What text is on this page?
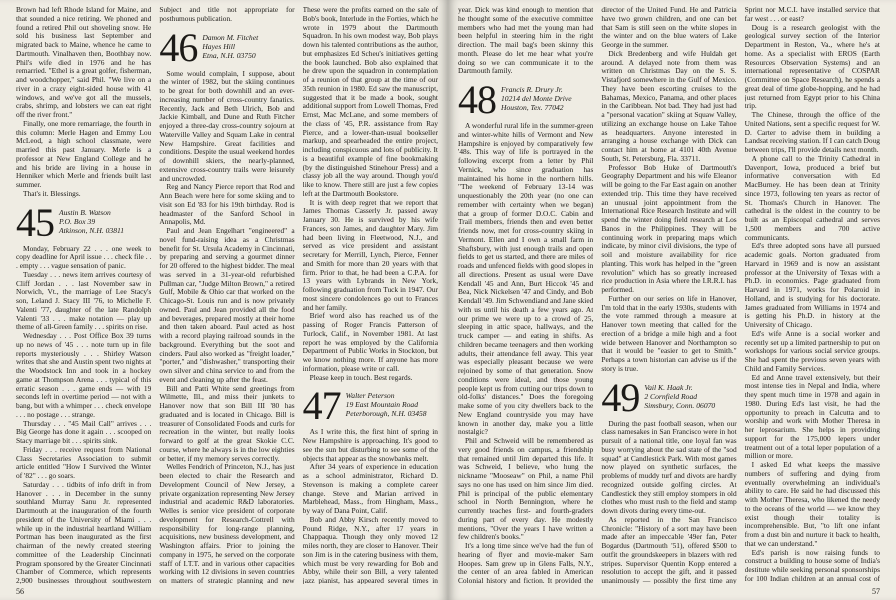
Brown had left Rhode Island for Maine, and that sounded a nice retiring. We phoned and found a retired Phil out shoveling snow. He sold his business last September and migrated back to Maine, whence he came to Dartmouth. Vinalhaven then, Boothbay now. Phil's wife died in 1976 and he has remarried. "Ethel is a great golfer, fisherman, and woodchopper," said Phil. "We live on a river in a crazy eight-sided house with 41 windows, and we've got all the mussels, crabs, shrimp, and lobsters we can eat right off the river front."

Finally, one more remarriage, the fourth in this column: Merle Hagen and Emmy Lou McLeod, a high school classmate, were married this past January. Merle is a professor at New England College and he and his bride are living in a house in Henniker which Merle and friends built last summer.

That's it. Blessings.

45 Austin B. Watson
P.O. Box 39
Atkinson, N.H. 03811

Monday, February 22 . . . one week to copy deadline for April issue . . . check file . . . empty . . . vague sensation of panic.

Tuesday . . . news item arrives courtesy of Cliff Jordan . . . last November saw in Norwich, Vt., the marriage of Lee Stacy's son, Leland J. Stacy III '76, to Michelle F. Valenti '77, daughter of the late Randolph Valenti '33 . . . make notation — play up theme of all-Green family . . . spirits on rise.

Wednesday . . . Post Office Box 39 turns up no news of '45 . . . note turn up in file reports mysteriously . . . Shirley Watson writes that she and Austin spent two nights at the Woodstock Inn and took in a hockey game at Thompson Arena . . . typical of this erratic season . . . game ends — with 19 seconds left in overtime period — not with a bang, but with a whimper . . . check envelope . . . no postage . . . strange.

Thursday . . . "45 Mail Call" arrives . . . Big George has done it again . . . scooped on Stacy marriage bit . . . spirits sink.

Friday . . . receive request from National Class Secretaries Association to submit article entitled "How I Survived the Winter of '82" . . . go soars.

Saturday . . . tidbits of info drift in from Hanover . . . in December in the sunny southland Murray Sanu Jr. represented Dartmouth at the inauguration of the fourth president of the University of Miami . . . while up in the industrial heartland William Portman has been inaugurated as the first chairman of the newly created steering committee of the Leadership Cincinnati Program sponsored by the Greater Cincinnati Chamber of Commerce, which represents 2,900 businesses throughout southwestern

Subject and title not appropriate for posthumous publication.

46 Damon M. Fitchet
Hayes Hill
Etna, N.H. 03750

Some would complain, I suppose, about the winter of 1982, but the skiing continues to be great for both downhill and an ever-increasing number of cross-country fanatics. Recently, Jack and Beth Ulrich, Bob and Jackie Kimball, and Dune and Ruth Fitcher enjoyed a three-day cross-country sojourn at Waterville Valley and Squam Lake in central New Hampshire. Great facilities and conditions. Despite the usual weekend hordes of downhill skiers, the nearly-planned, extensive cross-country trails were leisurely and uncrowded.

Reg and Nancy Pierce report that Rod and Ann Beach were here for some skiing and to visit son Ed '83 for his 19th birthday. Rod is headmaster of the Sanford School in Annapolis, Md.

Paul and Jean Engelhart "engineered" a novel fund-raising idea as a Christmas benefit for St. Ursula Academy in Cincinnati, by preparing and serving a gourmet dinner for 20 offered to the highest bidder. The meal was served in a 31-year-old refurbished Pullman car, "Judge Milton Brown," a retired Gulf, Mobile & Ohio car that worked on the Chicago-St. Louis run and is now privately owned. Paul and Jean provided all the food and beverages, prepared mostly at their home and then taken aboard. Paul acted as host with a record playing railroad sounds in the background. Everything but the soot and cinders. Paul also worked as "freight loader," "porter," and "dishwasher," transporting their own silver and china service to and from the event and cleaning up after the feast.

Bill and Patti White send greetings from Wilmette, Ill., and miss their junkets to Hanover now that son Bill III '80 has graduated and is located in Chicago. Bill is treasurer of Consolidated Foods and curls for recreation in the winter, but really looks forward to golf at the great Skokie C.C. course, where he always is in the low eighties or better, if my memory serves correctly.

Welles Fendrich of Princeton, N.J., has just been elected to chair the Research and Development Council of New Jersey, a private organization representing New Jersey industrial and academic R&D laboratories. Welles is senior vice president of corporate development for Research-Cottrell with responsibility for long-range planning, acquisitions, new business development, and Washington affairs. Prior to joining the company in 1975, he served on the corporate staff of I.T.T. and in various other capacities working with 12 divisions in seven countries on matters of strategic planning and new

These were the profits earned on the sale of Bob's book, Interlude in the Forties, which he wrote in 1979 about the Dartmouth Squadron. In his own modest way, Bob plays down his talented contributions as the author, but emphasizes Ed Scheu's initiatives getting the book launched. Bob also explained that he drew upon the squadron in contemplation of a reunion of that group at the time of our 35th reunion in 1980. Ed saw the manuscript, suggested that it be made a book, sought additional support from Lowell Thomas, Fred Ernst, Mac McLane, and some members of the class of '45, P.R. assistance from Ray Pierce, and a lower-than-usual bookseller markup, and spearheaded the entire project, including conspicuous and lots of publicity. It is a beautiful example of fine bookmaking (by the distinguished Stinehour Press) and a classy job all the way around. Though you'd like to know. There still are just a few copies left at the Dartmouth Bookstore.

It is with deep regret that we report that James Thomas Casserly Jr. passed away January 30. He is survived by his wife Frances, son James, and daughter Mary. Jim had been living in Fleetwood, N.J., and served as vice president and assistant secretary for Merrill, Lynch, Pierce, Fenner and Smith for more than 20 years with that firm. Prior to that, he had been a C.P.A. for 13 years with Lybrands in New York, following graduation from Tuck in 1947. Our most sincere condolences go out to Frances and her family.

Brief word also has reached us of the passing of Roger Francis Patterson of Turlock, Calif., in November 1981. At last report he was employed by the California Department of Public Works in Stockton, but we know nothing more. If anyone has more information, please write or call.

Please keep in touch. Best regards.

47 Walter Peterson
19 East Mountain Road
Peterborough, N.H. 03458

As I write this, the first hint of spring in New Hampshire is approaching. It's good to see the sun but disturbing to see some of the objects that appear as the snowbanks melt.

After 34 years of experience in education as a school administrator, Richard D. Stevenson is making a complete career change. Steve and Marian arrived in Marblehead, Mass., from Hingham, Mass., by way of Dana Point, Calif.

Bob and Abby Kirsch recently moved to Pound Ridge, N.Y., after 17 years in Chappaqua. Though they only moved 12 miles north, they are closer to Hanover. Their son Jim is in the catering business with them, which must be very rewarding for Bob and Abby, while their son Bill, a very talented jazz pianist, has appeared several times in

56

year. Dick was kind enough to mention that he thought some of the executive committee members who had met the young man had been helpful in steering him in the right direction. The mail bag's been skinny this month. Please do let me hear what you're doing so we can communicate it to the Dartmouth family.

48 Francis R. Drury Jr.
10214 del Monte Drive
Houston, Tex. 77042

A wonderful rural life in the summer-green and winter-white hills of Vermont and New Hampshire is enjoyed by comparatively few '48s. This way of life is portrayed in the following excerpt from a letter by Phil Vernick, who since graduation has maintained his home in the northern hills. "The weekend of February 13-14 was unquestionably the 20th year (no one can remember with certainty when we began) that a group of former D.O.C. Cabin and Trail members, friends then and even better friends now, met for cross-country skiing in Vermont. Ellen and I own a small farm in Shaftsbury, with just enough trails and open fields to get us started, and there are miles of roads and unfenced fields with good slopes in all directions. Present as usual were Dave Kendall '45 and Ann, Burt Hiccok '45 and Bea, Nick Nickelsen '47 and Cindy, and Bob Kendall '49. Jim Schwendiand and Jane skied with us until his death a few years ago. At our prime we were up to a crowd of 25, sleeping in attic space, hallways, and the truck camper — and eating in shifts. As children became teenagers and then working adults, their attendance fell away. This year was especially pleasant because we were rejoined by some of that generation. Snow conditions were ideal, and those young people kept us from cutting our trips down to old-folks' distances." Does the foregoing make some of you city dwellers back to the New England countryside you may have known in another day, make you a little nostalgic?

Phil and Schweid will be remembered as very good friends on campus, a friendship that remained until Jim departed this life. It was Schweid, I believe, who hung the nickname "Mooseaw" on Phil, a name Phil says no one has used on him since Jim died. Phil is principal of the public elementary school in North Bennington, where he currently teaches first- and fourth-graders during part of every day. He modestly mentions, "Over the years I have written a few children's books."

It's a long time since we've had the fun of hearing of flyer and movie-maker Sam Hoopes. Sam grew up in Glens Falls, N.Y., the center of an area fabled in American Colonial history and fiction. It provided the

director of the United Fund. He and Patricia have two grown children, and one can bet that Sam is still seen on the white slopes in the winter and on the blue waters of Lake George in the summer.

Dick Bredenberg and wife Huldah get around. A delayed note from them was written on Christmas Day on the S. S. Vistafjord somewhere in the Gulf of Mexico. They have been escorting cruises to the Bahamas, Mexico, Panama, and other places in the Caribbean. Not bad. They had just had a "personal vacation" skiing at Squaw Valley, utilizing an exchange house on Lake Tahoe as headquarters. Anyone interested in arranging a house exchange with Dick can contact him at home at 4101 40th Avenue South, St. Petersburg, Fla. 33711.

Professor Bob Huke of Dartmouth's Geography Department and his wife Eleanor will be going to the Far East again on another extended trip. This time they have received an unusual joint appointment from the International Rice Research Institute and will spend the winter doing field research at Los Banos in the Philippines. They will be continuing work in preparing maps which indicate, by minor civil divisions, the type of soil and moisture availability for rice planting. This work has helped in the "green revolution" which has so greatly increased rice production in Asia where the I.R.R.I. has performed.

Further on our series on life in Hanover, I'm told that in the early 1930s, students with the vote rammed through a measure at Hanover town meeting that called for the erection of a bridge a mile high and a foot wide between Hanover and Northampton so that it would be "easier to get to Smith." Perhaps a town historian can advise us if the story is true.

49 Vail K. Haak Jr.
2 Cornfield Road
Simsbury, Conn. 06070

During the past football season, when our class namesakes in San Francisco were in hot pursuit of a national title, one loyal fan was busy worrying about the sad state of the "sod squad" at Candlestick Park. With most games now played on synthetic surfaces, the problems of muddy turf and divots are hardly recognized outside golfing circles. At Candlestick they still employ stompers in old clothes who must rush to the field and stamp down divots during every time-out.

As reported in the San Francisco Chronicle: "History of a sort may have been made after an impeccable '49er fan, Peter Bogardus (Dartmouth '51), offered $500 to outfit the groundskeepers in blazers with red stripes. Supervisor Quentin Kopp entered a resolution to accept the gift, and it passed unanimously — possibly the first time any

Sprint nor M.C.I. have installed service that far west . . . or east?

Doug is a research geologist with the geological survey section of the Interior Department in Reston, Va., where he's at home. As a specialist with EROS (Earth Resources Observation Systems) and an international representative of COSPAR (Committee on Space Research), he spends a great deal of time globe-hopping, and he had just returned from Egypt prior to his China trip.

The Chinese, through the office of the United Nations, sent a specific request for W. D. Carter to advise them in building a Landsat receiving station. If I can catch Doug between trips, I'll provide details next month.

A phone call to the Trinity Cathedral in Davenport, Iowa, produced a brief but informative conversation with Ed MacBurney. He has been dean at Trinity since 1973, following ten years as rector of St. Thomas's Church in Hanover. The cathedral is the oldest in the country to be built as an Episcopal cathedral and serves 1,500 members and 700 active communicants.

Ed's three adopted sons have all pursued academic goals. Norton graduated from Harvard in 1969 and is now an assistant professor at the University of Texas with a Ph.D. in economics. Page graduated from Harvard in 1971, works for Polaroid in Holland, and is studying for his doctorate. James graduated from Williams in 1974 and is getting his Ph.D. in history at the University of Chicago.

Ed's wife Anne is a social worker and recently set up a limited partnership to put on workshops for various social service groups. She had spent the previous seven years with Child and Family Services.

Ed and Anne travel extensively, but their most intense ties in Nepal and India, where they spent much time in 1978 and again in 1980. During Ed's last visit, he had the opportunity to preach in Calcutta and to worship and work with Mother Theresa in her leprosarium. She helps in providing support for the 175,000 lepers under treatment out of a total leper population of a million or more.

I asked Ed what keeps the massive numbers of suffering and dying from eventually overwhelming an individual's ability to care. He said he had discussed this with Mother Theresa, who likened the needy to the oceans of the world — we know they exist though their totality is incomprehensible. But, "to lift one infant from a dust bin and nurture it back to health, that we can understand."

Ed's parish is now raising funds to construct a building to house some of India's destitute while seeking personal sponsorships for 100 Indian children at an annual cost of

57
